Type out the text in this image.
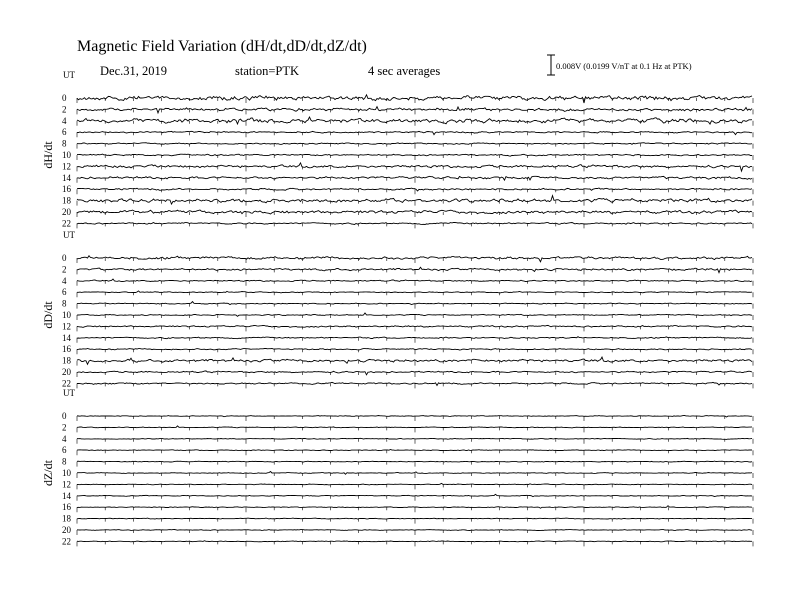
Magnetic Field Variation (dH/dt,dD/dt,dZ/dt)
Dec.31, 2019	station=PTK	4 sec averages	0.008V (0.0199 V/nT at 0.1 Hz at PTK)
UT
dH/dt
0
2
4
6
8
10
12
14
16
18
20
22
UT
dD/dt
0
2
4
6
8
10
12
14
16
18
20
22
UT
dZ/dt
0
2
4
6
8
10
12
14
16
18
20
22
